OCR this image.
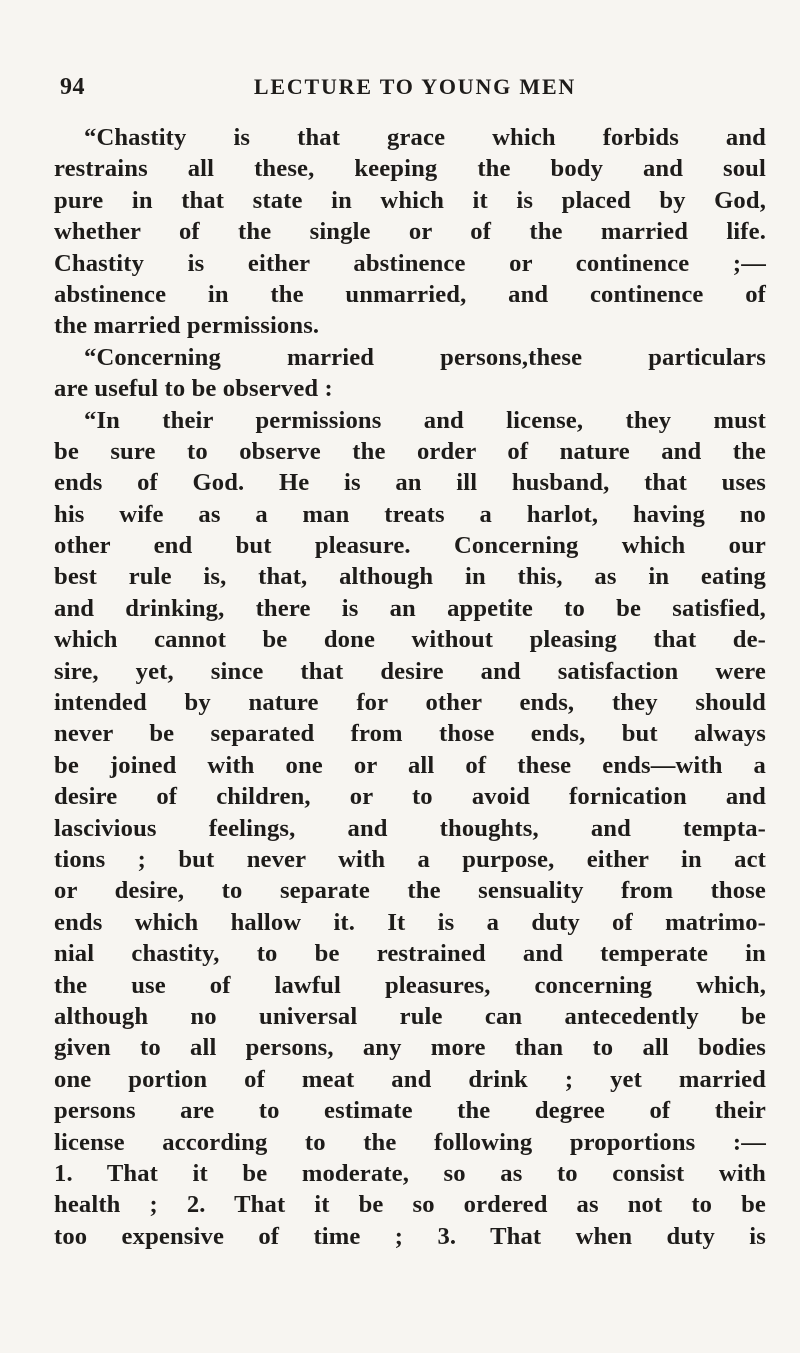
94	LECTURE TO YOUNG MEN
“Chastity is that grace which forbids and
restrains all these, keeping the body and soul
pure in that state in which it is placed by God,
whether of the single or of the married life.
Chastity is either abstinence or continence ;—
abstinence in the unmarried, and continence of
the married permissions.
“Concerning married persons,these particulars
are useful to be observed :
“In their permissions and license, they must
be sure to observe the order of nature and the
ends of God. He is an ill husband, that uses
his wife as a man treats a harlot, having no
other end but pleasure. Concerning which our
best rule is, that, although in this, as in eating
and drinking, there is an appetite to be satisfied,
which cannot be done without pleasing that de-
sire, yet, since that desire and satisfaction were
intended by nature for other ends, they should
never be separated from those ends, but always
be joined with one or all of these ends—with a
desire of children, or to avoid fornication and
lascivious feelings, and thoughts, and tempta-
tions ; but never with a purpose, either in act
or desire, to separate the sensuality from those
ends which hallow it. It is a duty of matrimo-
nial chastity, to be restrained and temperate in
the use of lawful pleasures, concerning which,
although no universal rule can antecedently be
given to all persons, any more than to all bodies
one portion of meat and drink ; yet married
persons are to estimate the degree of their
license according to the following proportions :—
1. That it be moderate, so as to consist with
health ; 2. That it be so ordered as not to be
too expensive of time ; 3. That when duty is
